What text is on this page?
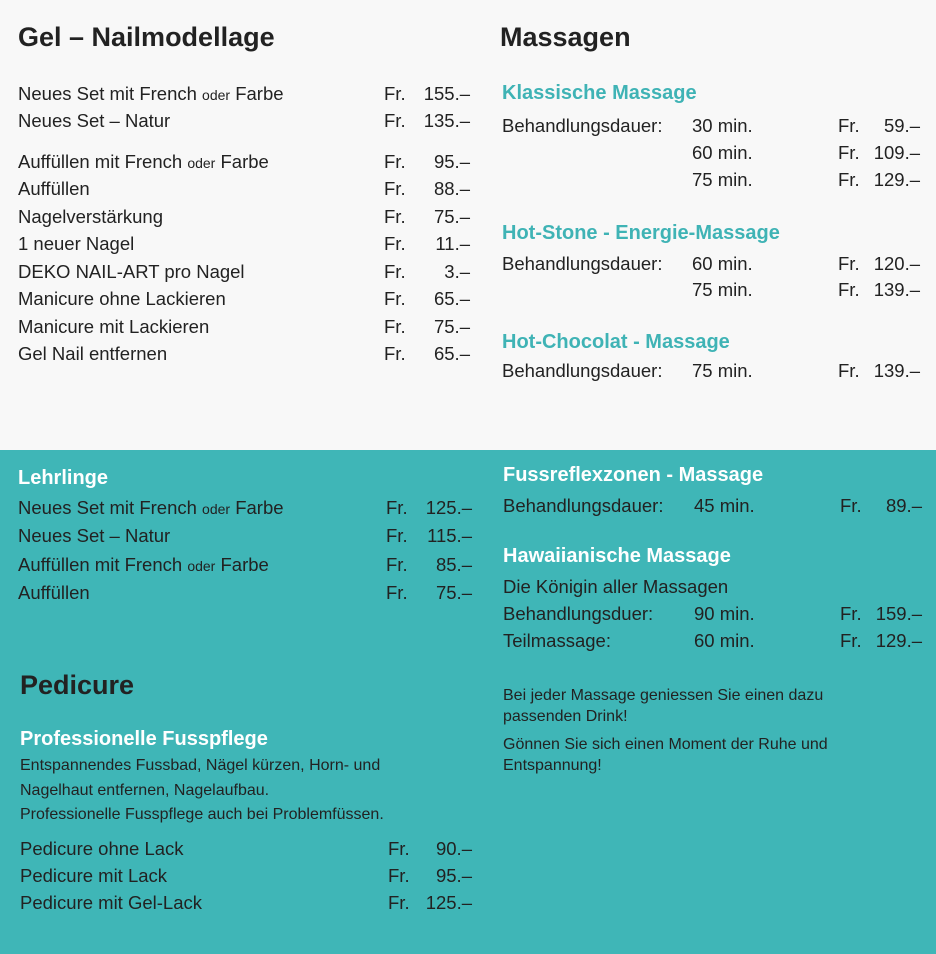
Gel – Nailmodellage
Neues Set mit French oder Farbe	Fr. 155.–
Neues Set – Natur	Fr. 135.–
Auffüllen mit French oder Farbe	Fr.	95.–
Auffüllen	Fr.	88.–
Nagelverstärkung	Fr.	75.–
1 neuer Nagel	Fr.	11.–
DEKO NAIL-ART pro Nagel	Fr.	3.–
Manicure ohne Lackieren	Fr.	65.–
Manicure mit Lackieren	Fr.	75.–
Gel Nail entfernen	Fr.	65.–
Massagen
Klassische Massage
Behandlungsdauer: 30 min.	Fr.	59.–
60 min.	Fr. 109.–
75 min.	Fr. 129.–
Hot-Stone - Energie-Massage
Behandlungsdauer: 60 min.	Fr. 120.–
75 min.	Fr. 139.–
Hot-Chocolat - Massage
Behandlungsdauer: 75 min.	Fr. 139.–
Lehrlinge
Neues Set mit French oder Farbe	Fr. 125.–
Neues Set – Natur	Fr.	115.–
Auffüllen mit French oder Farbe	Fr.	85.–
Auffüllen	Fr.	75.–
Pedicure
Professionelle Fusspflege
Entspannendes Fussbad, Nägel kürzen, Horn- und
Nagelhaut entfernen, Nagelaufbau.
Professionelle Fusspflege auch bei Problemfüssen.
Pedicure ohne Lack	Fr.	90.–
Pedicure mit Lack	Fr.	95.–
Pedicure mit Gel-Lack	Fr. 125.–
Fussreflexzonen - Massage
Behandlungsdauer: 45 min.	Fr.	89.–
Hawaiianische Massage
Die Königin aller Massagen
Behandlungsduer: 90 min.	Fr. 159.–
Teilmassage:	60 min.	Fr. 129.–
Bei jeder Massage geniessen Sie einen dazu
passenden Drink!
Gönnen Sie sich einen Moment der Ruhe und
Entspannung!
